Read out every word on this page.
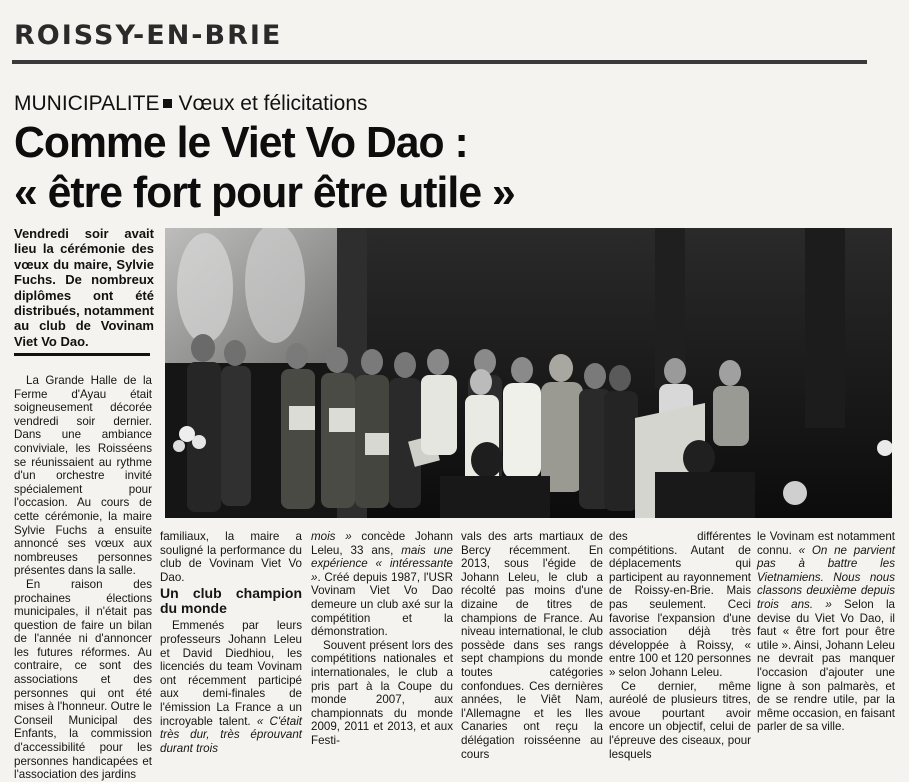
ROISSY-EN-BRIE
MUNICIPALITE Vœux et félicitations
Comme le Viet Vo Dao :
« être fort pour être utile »
Vendredi soir avait lieu la cérémonie des vœux du maire, Sylvie Fuchs. De nombreux diplômes ont été distribués, notamment au club de Vovinam Viet Vo Dao.

La Grande Halle de la Ferme d'Ayau était soigneusement décorée vendredi soir dernier. Dans une ambiance conviviale, les Roisséens se réunissaient au rythme d'un orchestre invité spécialement pour l'occasion. Au cours de cette cérémonie, la maire Sylvie Fuchs a ensuite annoncé ses vœux aux nombreuses personnes présentes dans la salle.

En raison des prochaines élections municipales, il n'était pas question de faire un bilan de l'année ni d'annoncer les futures réformes. Au contraire, ce sont des associations et des personnes qui ont été mises à l'honneur. Outre le Conseil Municipal des Enfants, la commission d'accessibilité pour les personnes handicapées et l'association des jardins

familiaux, la maire a souligné la performance du club de Vovinam Viet Vo Dao.

Un club champion du monde

Emmenés par leurs professeurs Johann Leleu et David Diedhiou, les licenciés du team Vovinam ont récemment participé aux demi-finales de l'émission La France a un incroyable talent. « C'était très dur, très éprouvant durant trois

mois » concède Johann Leleu, 33 ans, mais une expérience « intéressante ». Créé depuis 1987, l'USR Vovinam Viet Vo Dao demeure un club axé sur la compétition et la démonstration.

Souvent présent lors des compétitions nationales et internationales, le club a pris part à la Coupe du monde 2007, aux championnats du monde 2009, 2011 et 2013, et aux Festi-

vals des arts martiaux de Bercy récemment. En 2013, sous l'égide de Johann Leleu, le club a récolté pas moins d'une dizaine de titres de champions de France. Au niveau international, le club possède dans ses rangs sept champions du monde toutes catégories confondues. Ces dernières années, le Viêt Nam, l'Allemagne et les Iles Canaries ont reçu la délégation roisséenne au cours

des différentes compétitions. Autant de déplacements qui participent au rayonnement de Roissy-en-Brie. Mais pas seulement. Ceci favorise l'expansion d'une association déjà très développée à Roissy, « entre 100 et 120 personnes » selon Johann Leleu.

Ce dernier, même auréolé de plusieurs titres, avoue pourtant avoir encore un objectif, celui de l'épreuve des ciseaux, pour lesquels

le Vovinam est notamment connu. « On ne parvient pas à battre les Vietnamiens. Nous nous classons deuxième depuis trois ans. » Selon la devise du Viet Vo Dao, il faut « être fort pour être utile ». Ainsi, Johann Leleu ne devrait pas manquer l'occasion d'ajouter une ligne à son palmarès, et de se rendre utile, par la même occasion, en faisant parler de sa ville.
